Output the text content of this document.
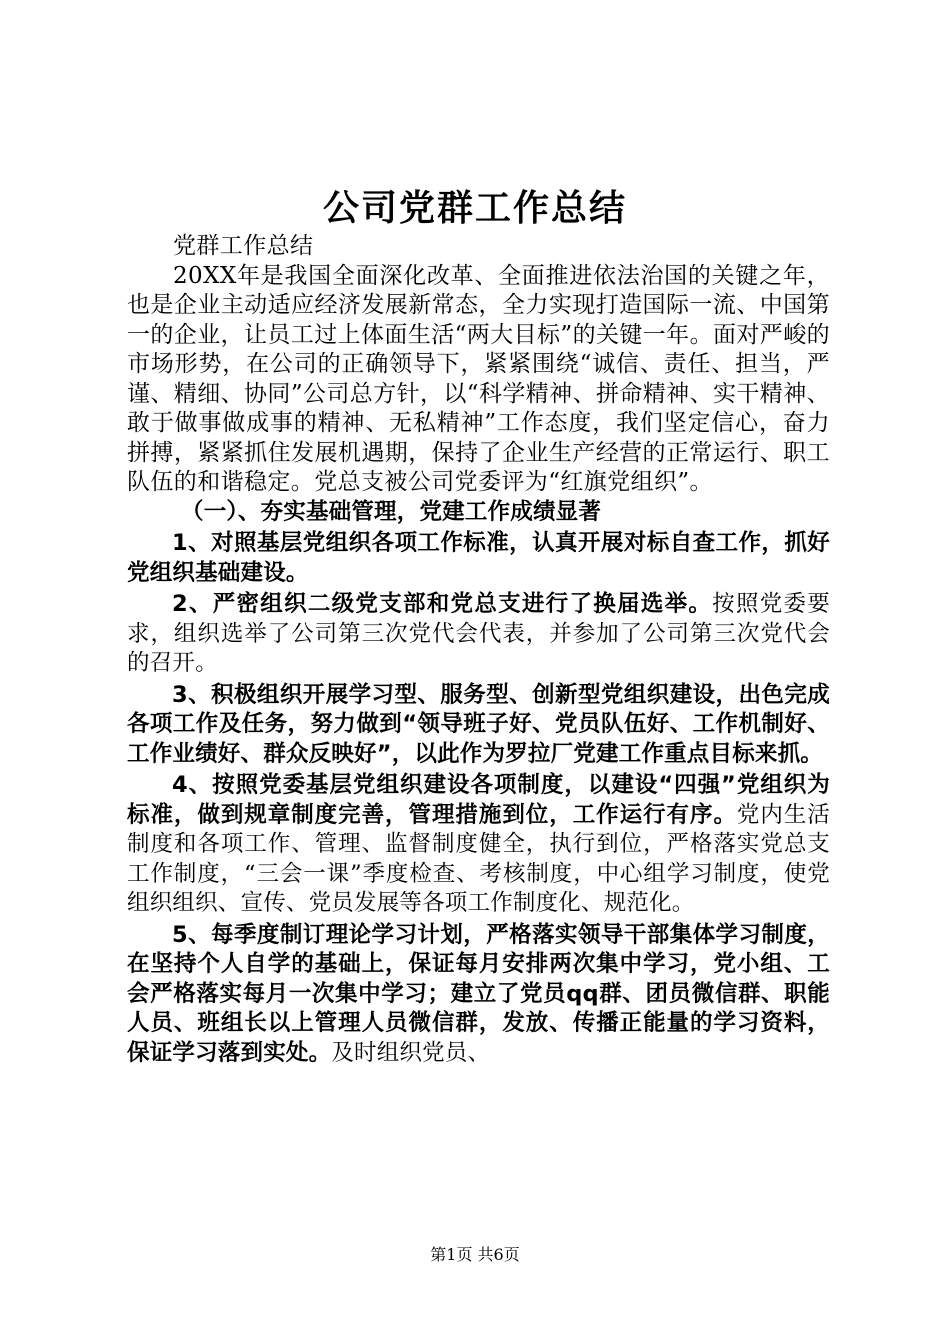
公司党群工作总结

党群工作总结

20XX年是我国全面深化改革、全面推进依法治国的关键之年，也是企业主动适应经济发展新常态，全力实现打造国际一流、中国第一的企业，让员工过上体面生活“两大目标”的关键一年。面对严峻的市场形势，在公司的正确领导下，紧紧围绕“诚信、责任、担当，严谨、精细、协同”公司总方针，以“科学精神、拼命精神、实干精神、敢于做事做成事的精神、无私精神”工作态度，我们坚定信心，奋力拼搏，紧紧抓住发展机遇期，保持了企业生产经营的正常运行、职工队伍的和谐稳定。党总支被公司党委评为“红旗党组织”。

（一）、夯实基础管理，党建工作成绩显著

1、对照基层党组织各项工作标准，认真开展对标自查工作，抓好党组织基础建设。

2、严密组织二级党支部和党总支进行了换届选举。按照党委要求，组织选举了公司第三次党代会代表，并参加了公司第三次党代会的召开。

3、积极组织开展学习型、服务型、创新型党组织建设，出色完成各项工作及任务，努力做到“领导班子好、党员队伍好、工作机制好、工作业绩好、群众反映好”，以此作为罗拉厂党建工作重点目标来抓。

4、按照党委基层党组织建设各项制度，以建设“四强”党组织为标准，做到规章制度完善，管理措施到位，工作运行有序。党内生活制度和各项工作、管理、监督制度健全，执行到位，严格落实党总支工作制度，“三会一课”季度检查、考核制度，中心组学习制度，使党组织组织、宣传、党员发展等各项工作制度化、规范化。

5、每季度制订理论学习计划，严格落实领导干部集体学习制度，在坚持个人自学的基础上，保证每月安排两次集中学习，党小组、工会严格落实每月一次集中学习；建立了党员qq群、团员微信群、职能人员、班组长以上管理人员微信群，发放、传播正能量的学习资料，保证学习落到实处。及时组织党员、

第1页 共6页
